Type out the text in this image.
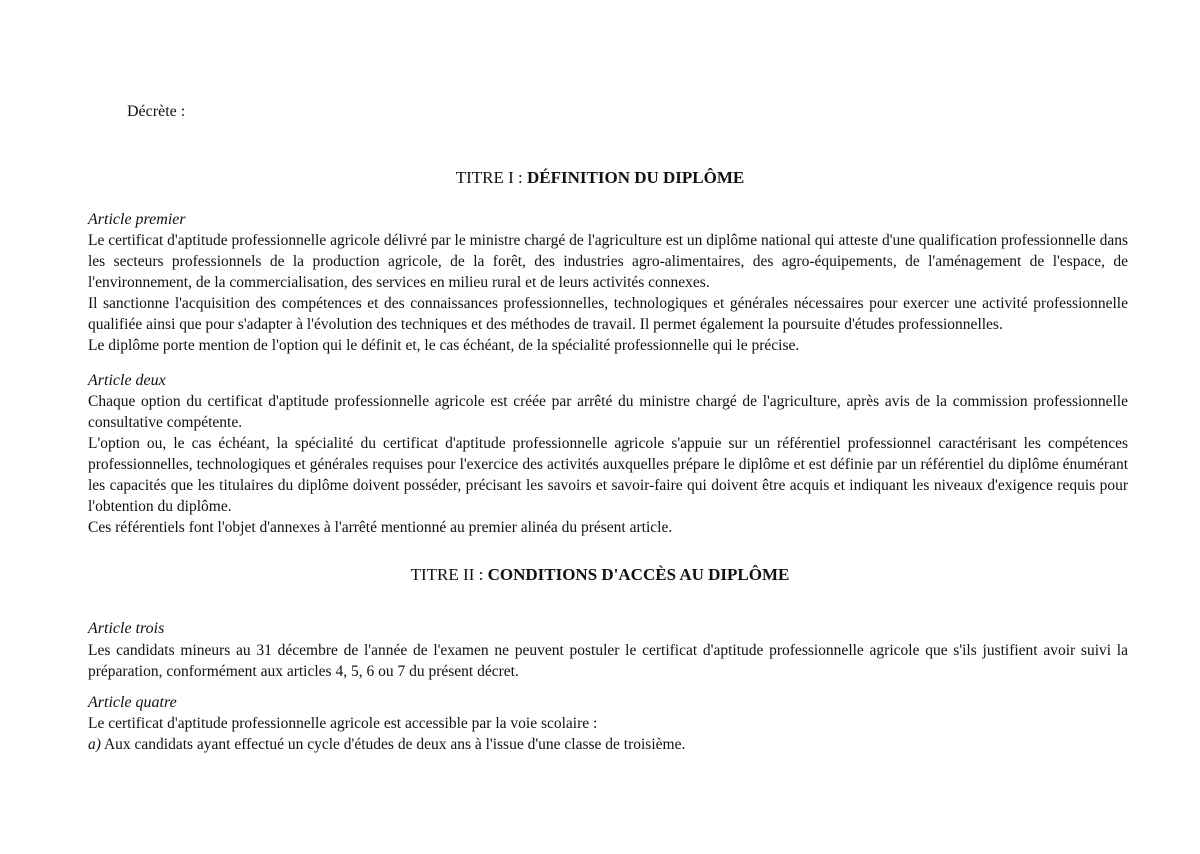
Décrète :
TITRE I : DÉFINITION DU DIPLÔME
Article premier

Le certificat d'aptitude professionnelle agricole délivré par le ministre chargé de l'agriculture est un diplôme national qui atteste d'une qualification professionnelle dans les secteurs professionnels de la production agricole, de la forêt, des industries agro-alimentaires, des agro-équipements, de l'aménagement de l'espace, de l'environnement, de la commercialisation, des services en milieu rural et de leurs activités connexes.

Il sanctionne l'acquisition des compétences et des connaissances professionnelles, technologiques et générales nécessaires pour exercer une activité professionnelle qualifiée ainsi que pour s'adapter à l'évolution des techniques et des méthodes de travail. Il permet également la poursuite d'études professionnelles.

Le diplôme porte mention de l'option qui le définit et, le cas échéant, de la spécialité professionnelle qui le précise.

Article deux

Chaque option du certificat d'aptitude professionnelle agricole est créée par arrêté du ministre chargé de l'agriculture, après avis de la commission professionnelle consultative compétente.

L'option ou, le cas échéant, la spécialité du certificat d'aptitude professionnelle agricole s'appuie sur un référentiel professionnel caractérisant les compétences professionnelles, technologiques et générales requises pour l'exercice des activités auxquelles prépare le diplôme et est définie par un référentiel du diplôme énumérant les capacités que les titulaires du diplôme doivent posséder, précisant les savoirs et savoir-faire qui doivent être acquis et indiquant les niveaux d'exigence requis pour l'obtention du diplôme.

Ces référentiels font l'objet d'annexes à l'arrêté mentionné au premier alinéa du présent article.

TITRE II : CONDITIONS D'ACCÈS AU DIPLÔME
Article trois

Les candidats mineurs au 31 décembre de l'année de l'examen ne peuvent postuler le certificat d'aptitude professionnelle agricole que s'ils justifient avoir suivi la préparation, conformément aux articles 4, 5, 6 ou 7 du présent décret.

Article quatre

Le certificat d'aptitude professionnelle agricole est accessible par la voie scolaire :

a) Aux candidats ayant effectué un cycle d'études de deux ans à l'issue d'une classe de troisième.
